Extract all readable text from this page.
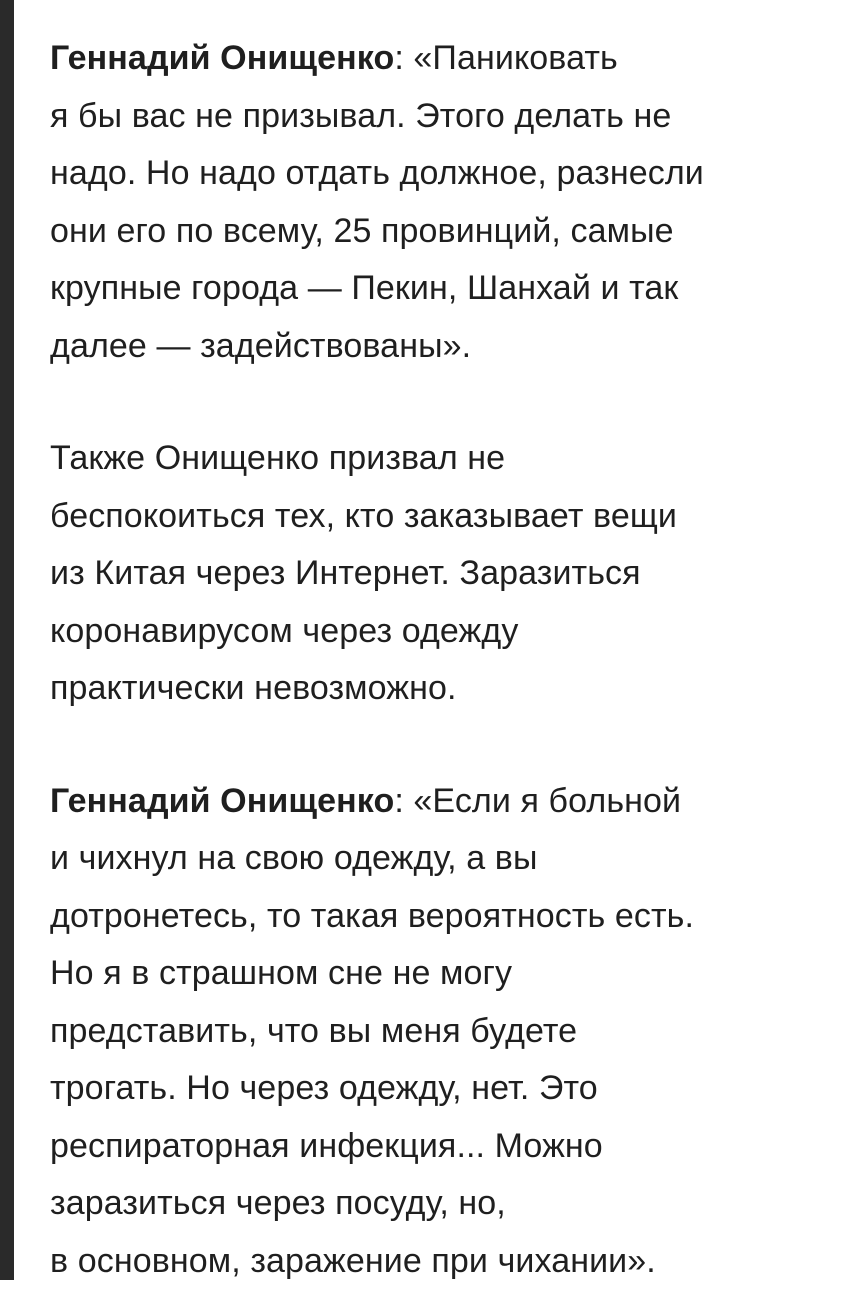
Геннадий Онищенко: «Паниковать
я бы вас не призывал. Этого делать не
надо. Но надо отдать должное, разнесли
они его по всему, 25 провинций, самые
крупные города — Пекин, Шанхай и так
далее — задействованы».

Также Онищенко призвал не
беспокоиться тех, кто заказывает вещи
из Китая через Интернет. Заразиться
коронавирусом через одежду
практически невозможно.

Геннадий Онищенко: «Если я больной
и чихнул на свою одежду, а вы
дотронетесь, то такая вероятность есть.
Но я в страшном сне не могу
представить, что вы меня будете
трогать. Но через одежду, нет. Это
респираторная инфекция... Можно
заразиться через посуду, но,
в основном, заражение при чихании».
